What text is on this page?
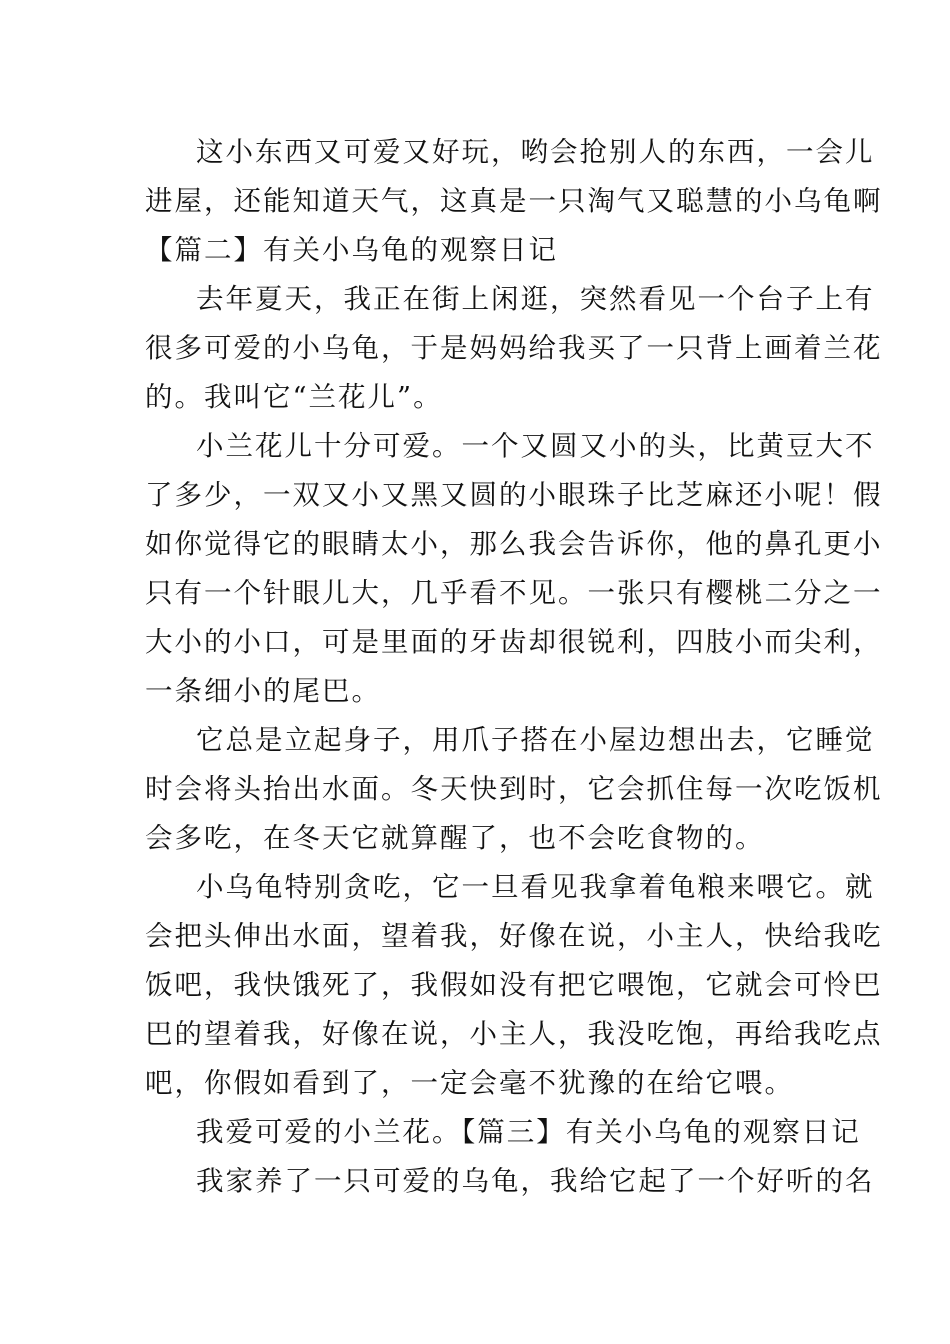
这小东西又可爱又好玩，哟会抢别人的东西，一会儿
进屋，还能知道天气，这真是一只淘气又聪慧的小乌龟啊
【篇二】有关小乌龟的观察日记
去年夏天，我正在街上闲逛，突然看见一个台子上有
很多可爱的小乌龟，于是妈妈给我买了一只背上画着兰花
的。我叫它“兰花儿”。
小兰花儿十分可爱。一个又圆又小的头，比黄豆大不
了多少，一双又小又黑又圆的小眼珠子比芝麻还小呢！假
如你觉得它的眼睛太小，那么我会告诉你，他的鼻孔更小
只有一个针眼儿大，几乎看不见。一张只有樱桃二分之一
大小的小口，可是里面的牙齿却很锐利，四肢小而尖利，
一条细小的尾巴。
它总是立起身子，用爪子搭在小屋边想出去，它睡觉
时会将头抬出水面。冬天快到时，它会抓住每一次吃饭机
会多吃，在冬天它就算醒了，也不会吃食物的。
小乌龟特别贪吃，它一旦看见我拿着龟粮来喂它。就
会把头伸出水面，望着我，好像在说，小主人，快给我吃
饭吧，我快饿死了，我假如没有把它喂饱，它就会可怜巴
巴的望着我，好像在说，小主人，我没吃饱，再给我吃点
吧，你假如看到了，一定会毫不犹豫的在给它喂。
我爱可爱的小兰花。【篇三】有关小乌龟的观察日记
我家养了一只可爱的乌龟，我给它起了一个好听的名
